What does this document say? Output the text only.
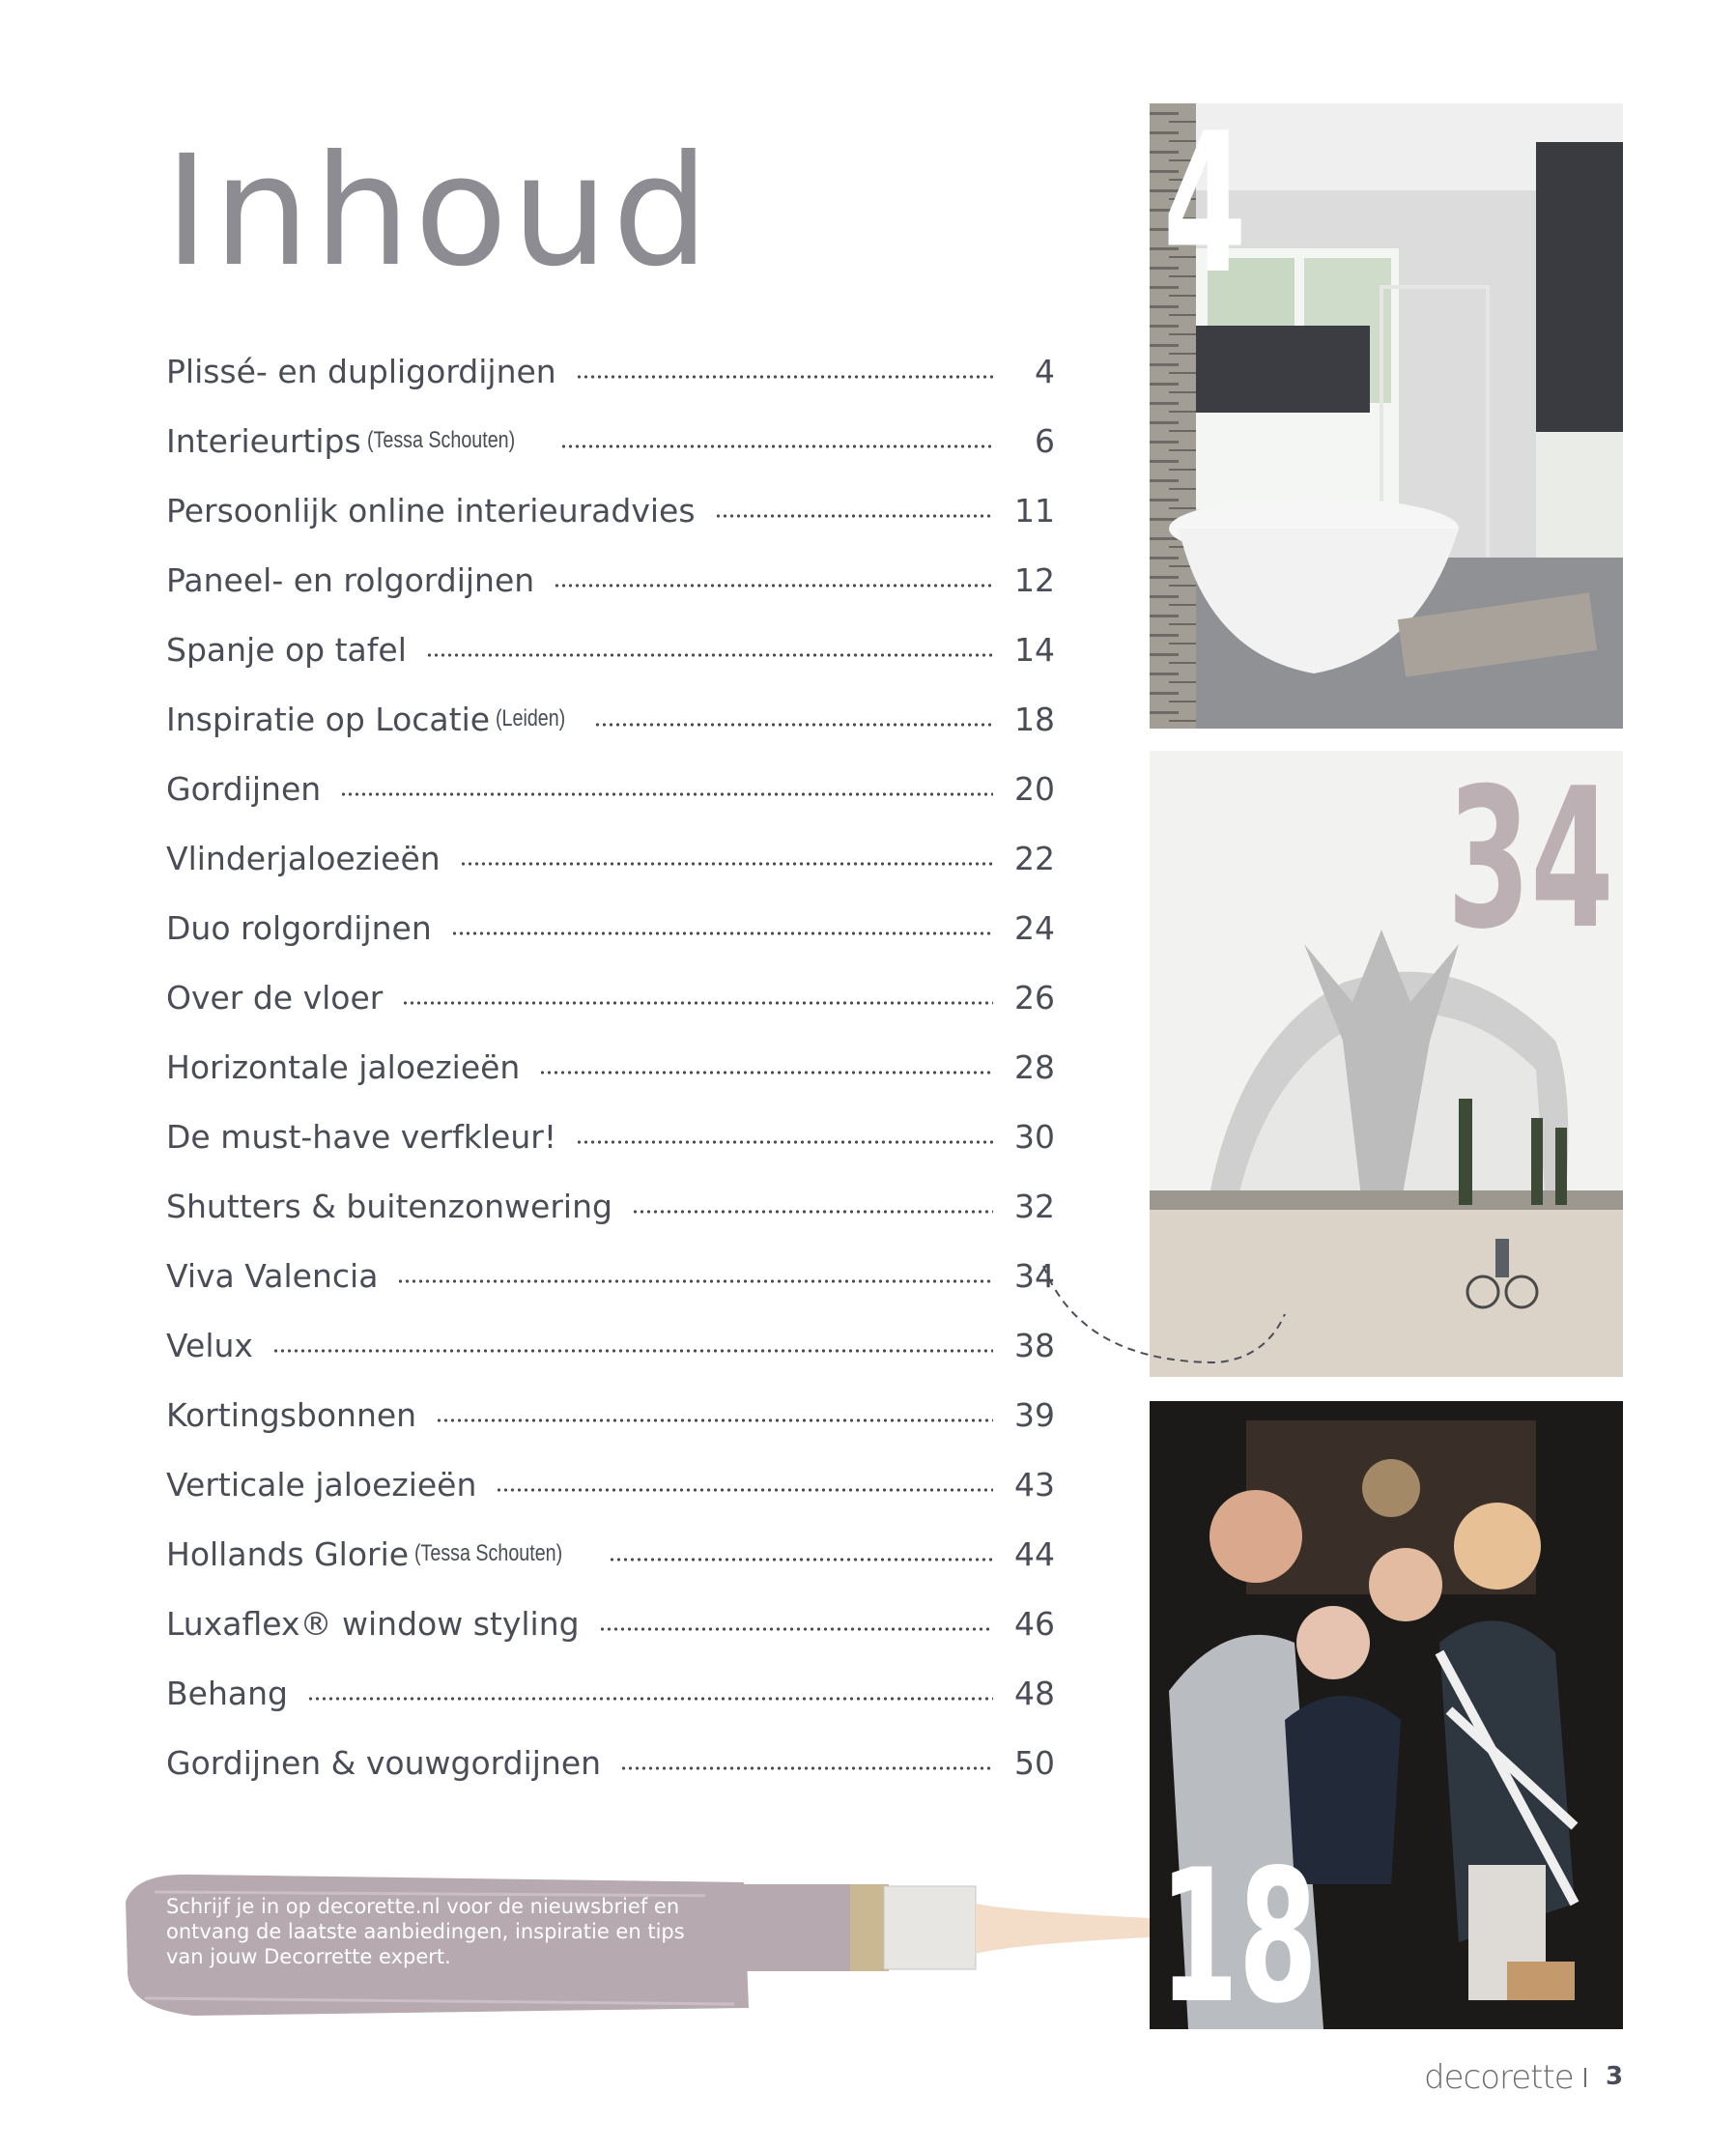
Inhoud
Plissé- en dupligordijnen	4
Interieurtips (Tessa Schouten)	6
Persoonlijk online interieuradvies	11
Paneel- en rolgordijnen	12
Spanje op tafel	14
Inspiratie op Locatie (Leiden)	18
Gordijnen	20
Vlinderjaloezieën	22
Duo rolgordijnen	24
Over de vloer	26
Horizontale jaloezieën	28
De must-have verfkleur!	30
Shutters & buitenzonwering	32
Viva Valencia	34
Velux	38
Kortingsbonnen	39
Verticale jaloezieën	43
Hollands Glorie (Tessa Schouten)	44
Luxaflex® window styling	46
Behang	48
Gordijnen & vouwgordijnen	50
4
34
18
Schrijf je in op decorette.nl voor de nieuwsbrief en ontvang de laatste aanbiedingen, inspiratie en tips van jouw Decorrette expert.
decorette 3
